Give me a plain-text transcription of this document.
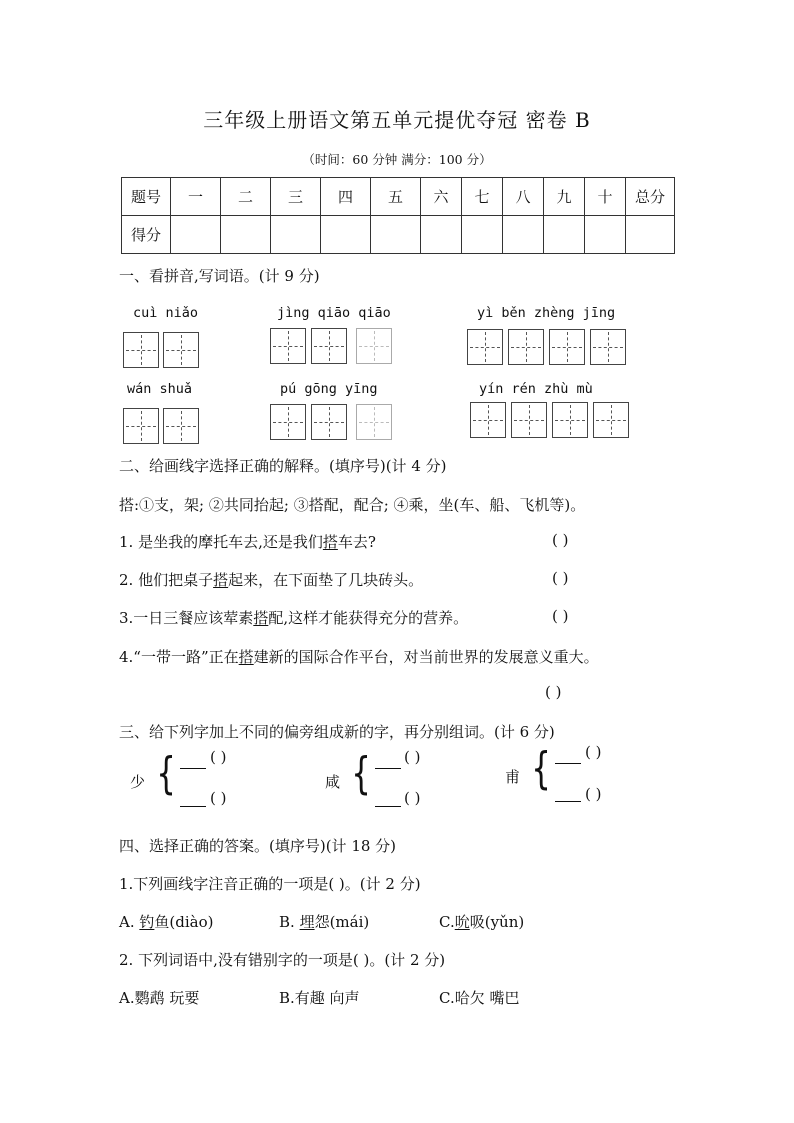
三年级上册语文第五单元提优夺冠 密卷 B
（时间：60 分钟 满分：100 分）
题号	一	二	三	四	五	六	七	八	九	十	总分
得分											
一、看拼音,写词语。(计 9 分)
cuì niǎo	jìng qiāo qiāo	yì běn zhèng jīng
wán shuǎ	pú gōng yīng	yín rén zhù mù
二、给画线字选择正确的解释。(填序号)(计 4 分)
搭:①支，架; ②共同抬起; ③搭配，配合; ④乘，坐(车、船、飞机等)。
1. 是坐我的摩托车去,还是我们搭车去?	( )
2. 他们把桌子搭起来，在下面垫了几块砖头。	( )
3.一日三餐应该荤素搭配,这样才能获得充分的营养。	( )
4.“一带一路”正在搭建新的国际合作平台，对当前世界的发展意义重大。
( )
三、给下列字加上不同的偏旁组成新的字，再分别组词。(计 6 分)
少 { ( )
( )
咸 { ( )
( )
甫 { ( )
( )
四、选择正确的答案。(填序号)(计 18 分)
1.下列画线字注音正确的一项是( )。(计 2 分)
A. 钓鱼(diào)	B. 埋怨(mái)	C.吮吸(yǔn)
2. 下列词语中,没有错别字的一项是( )。(计 2 分)
A.鹦鹉 玩要	B.有趣 向声	C.哈欠 嘴巴
